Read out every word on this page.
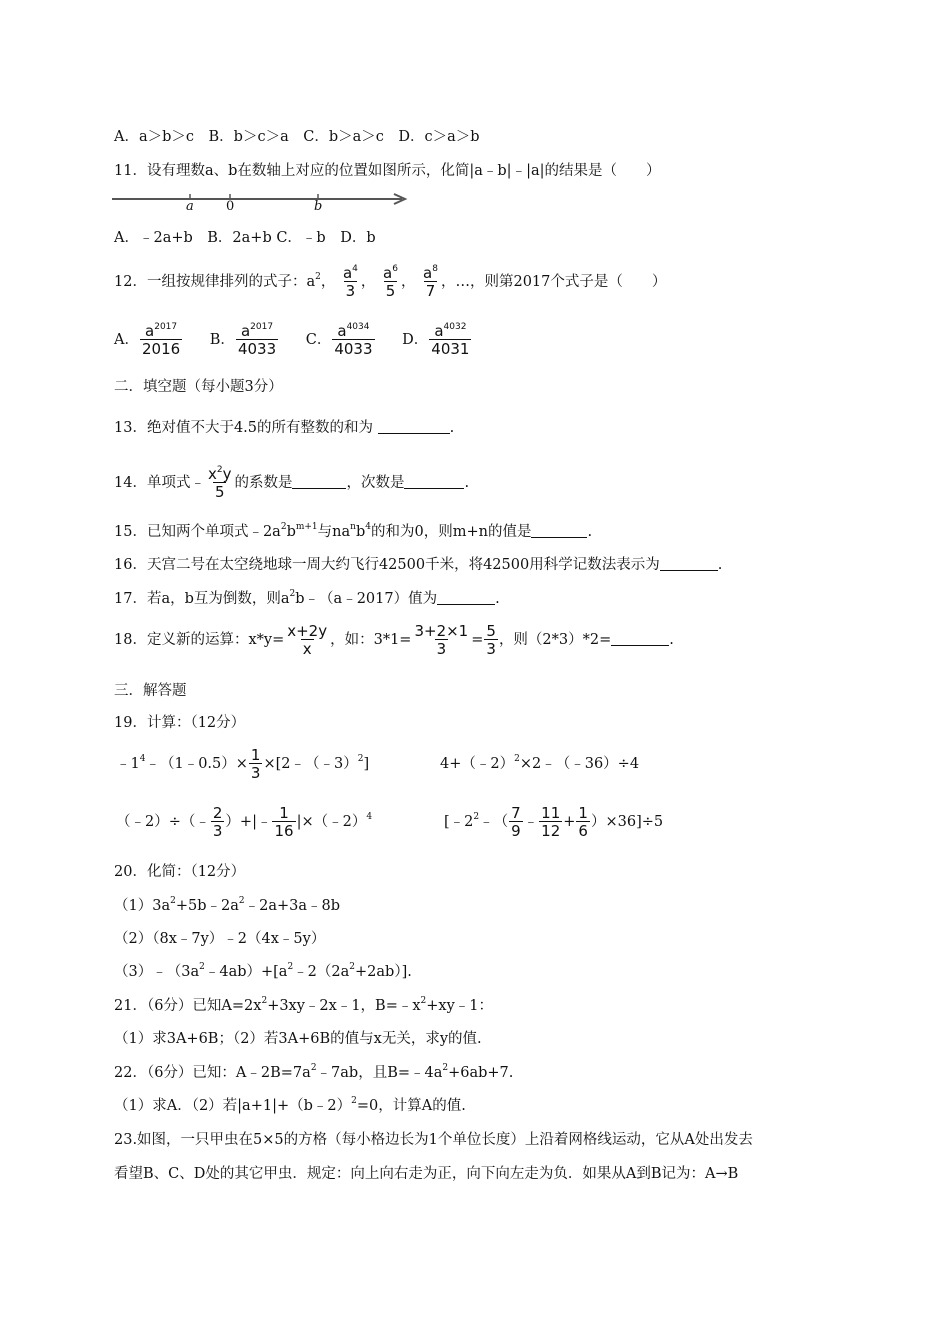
A．a＞b＞c　B．b＞c＞a　C．b＞a＞c　D．c＞a＞b
11．设有理数a、b在数轴上对应的位置如图所示，化简|a﹣b|﹣|a|的结果是（　　）
a 0	b
A．﹣2a+b　B．2a+b C．﹣b　D．b
12．一组按规律排列的式子：$a^2$， $\frac{a^4}{3}$ ， $\frac{a^6}{5}$ ， $\frac{a^8}{7}$ ，…，则第2017个式子是（　　）
A． $\frac{a^{2017}}{2016}$ B． $\frac{a^{2017}}{4033}$ C． $\frac{a^{4034}}{4033}$ D． $\frac{a^{4032}}{4031}$
二．填空题（每小题3分）
13．绝对值不大于4.5的所有整数的和为	.
14．单项式﹣ $\frac{x^2y}{5}$ 的系数是	，次数是	.
15．已知两个单项式$﹣2a^2b^{m+1}$与$na^nb^4$的和为0，则m+n的值是	.
16．天宫二号在太空绕地球一周大约飞行42500千米，将42500用科学记数法表示为	.
17．若a，b互为倒数，则$a^2b﹣(a﹣2017)$值为	.
18．定义新的运算：$x*y= \frac{x+2y}{x}$ ，如：$3*1= \frac{3+2\times 1}{3} = \frac{5}{3}$ ，则（2*3）*2=	.
三．解答题
19．计算：（12分）
$﹣1^4﹣(1﹣0.5)\times \frac{1}{3}$ ×[2﹣（﹣3）$^2$]	4+（﹣2）$^2$×2﹣（﹣36）÷4
（﹣2）÷（﹣ $\frac{2}{3}$ ）+|﹣ $\frac{1}{16}$ |×（﹣2）$^4$	[$﹣2^2﹣( \frac{7}{9}$ ﹣ $\frac{11}{12} + \frac{1}{6} )\times 36]\div 5$
20．化简：（12分）
$(1)3a^2+5b﹣2a^2﹣2a+3a﹣8b$
（2）（8x﹣7y）﹣2（4x﹣5y）
$(3)﹣(3a^2﹣4ab)+[a^2﹣2(2a^2+2ab)]$.
21．（6分）已知$A=2x^2+3xy﹣2x﹣1$，$B=﹣x^2+xy﹣1$：
（1）求3A+6B；（2）若3A+6B的值与x无关，求y的值.
22．（6分）已知：$A﹣2B=7a^2﹣7ab$，且$B=﹣4a^2+6ab+7$.
（1）求A．（2）若|a+1|+（b﹣2）$^2$=0，计算A的值.
23.如图，一只甲虫在5×5的方格（每小格边长为1个单位长度）上沿着网格线运动，它从A处出发去
看望B、C、D处的其它甲虫．规定：向上向右走为正，向下向左走为负．如果从A到B记为：A→B
